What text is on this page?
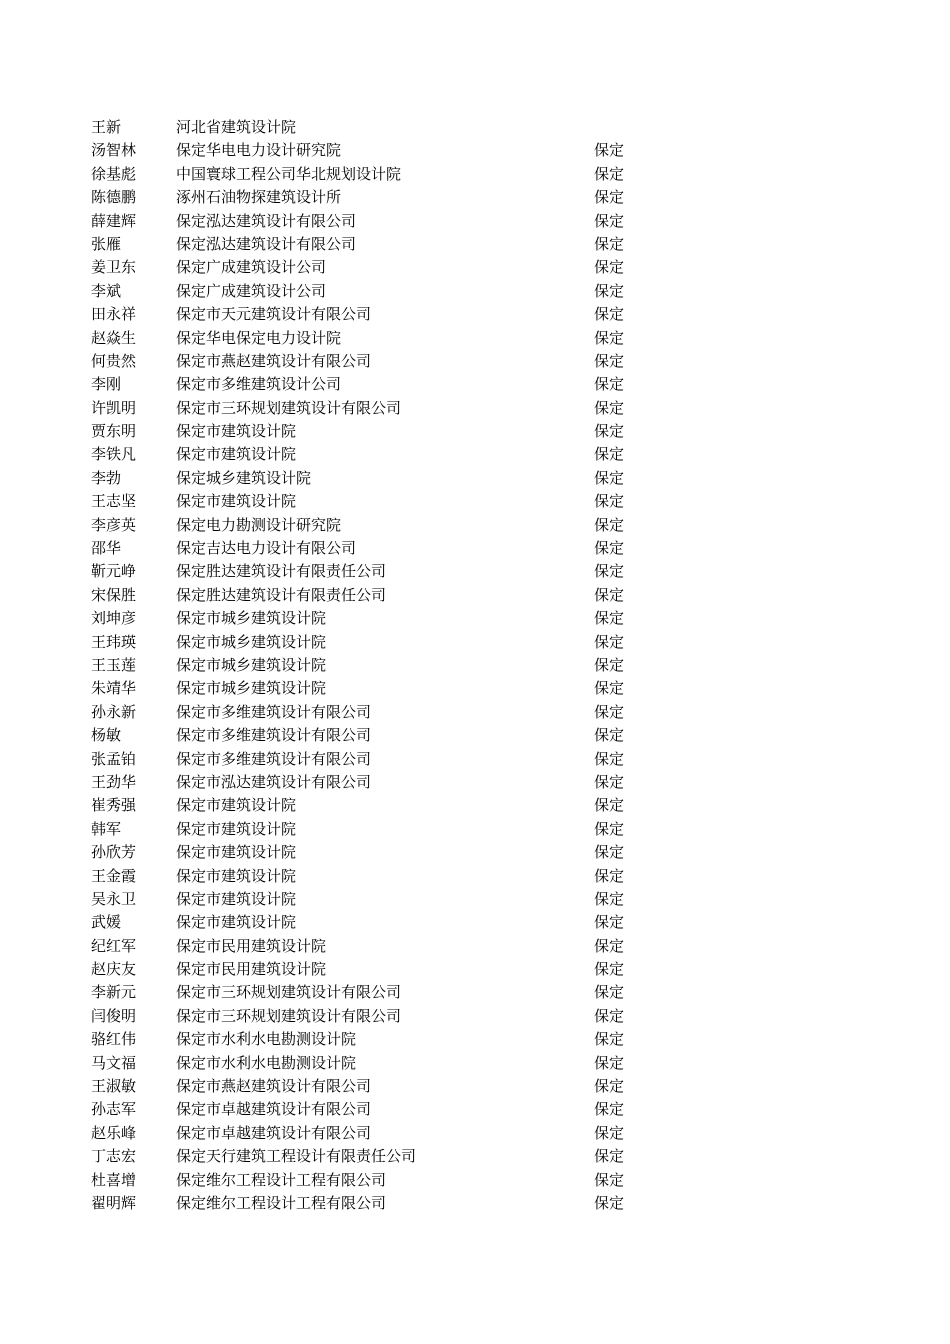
王新	河北省建筑设计院
汤智林	保定华电电力设计研究院	保定
徐基彪	中国寰球工程公司华北规划设计院	保定
陈德鹏	涿州石油物探建筑设计所	保定
薛建辉	保定泓达建筑设计有限公司	保定
张雁	保定泓达建筑设计有限公司	保定
姜卫东	保定广成建筑设计公司	保定
李斌	保定广成建筑设计公司	保定
田永祥	保定市天元建筑设计有限公司	保定
赵焱生	保定华电保定电力设计院	保定
何贵然	保定市燕赵建筑设计有限公司	保定
李刚	保定市多维建筑设计公司	保定
许凯明	保定市三环规划建筑设计有限公司	保定
贾东明	保定市建筑设计院	保定
李铁凡	保定市建筑设计院	保定
李勃	保定城乡建筑设计院	保定
王志坚	保定市建筑设计院	保定
李彦英	保定电力勘测设计研究院	保定
邵华	保定吉达电力设计有限公司	保定
靳元峥	保定胜达建筑设计有限责任公司	保定
宋保胜	保定胜达建筑设计有限责任公司	保定
刘坤彦	保定市城乡建筑设计院	保定
王玮瑛	保定市城乡建筑设计院	保定
王玉莲	保定市城乡建筑设计院	保定
朱靖华	保定市城乡建筑设计院	保定
孙永新	保定市多维建筑设计有限公司	保定
杨敏	保定市多维建筑设计有限公司	保定
张孟铂	保定市多维建筑设计有限公司	保定
王劲华	保定市泓达建筑设计有限公司	保定
崔秀强	保定市建筑设计院	保定
韩军	保定市建筑设计院	保定
孙欣芳	保定市建筑设计院	保定
王金霞	保定市建筑设计院	保定
吴永卫	保定市建筑设计院	保定
武媛	保定市建筑设计院	保定
纪红军	保定市民用建筑设计院	保定
赵庆友	保定市民用建筑设计院	保定
李新元	保定市三环规划建筑设计有限公司	保定
闫俊明	保定市三环规划建筑设计有限公司	保定
骆红伟	保定市水利水电勘测设计院	保定
马文福	保定市水利水电勘测设计院	保定
王淑敏	保定市燕赵建筑设计有限公司	保定
孙志军	保定市卓越建筑设计有限公司	保定
赵乐峰	保定市卓越建筑设计有限公司	保定
丁志宏	保定天行建筑工程设计有限责任公司	保定
杜喜增	保定维尔工程设计工程有限公司	保定
翟明辉	保定维尔工程设计工程有限公司	保定
